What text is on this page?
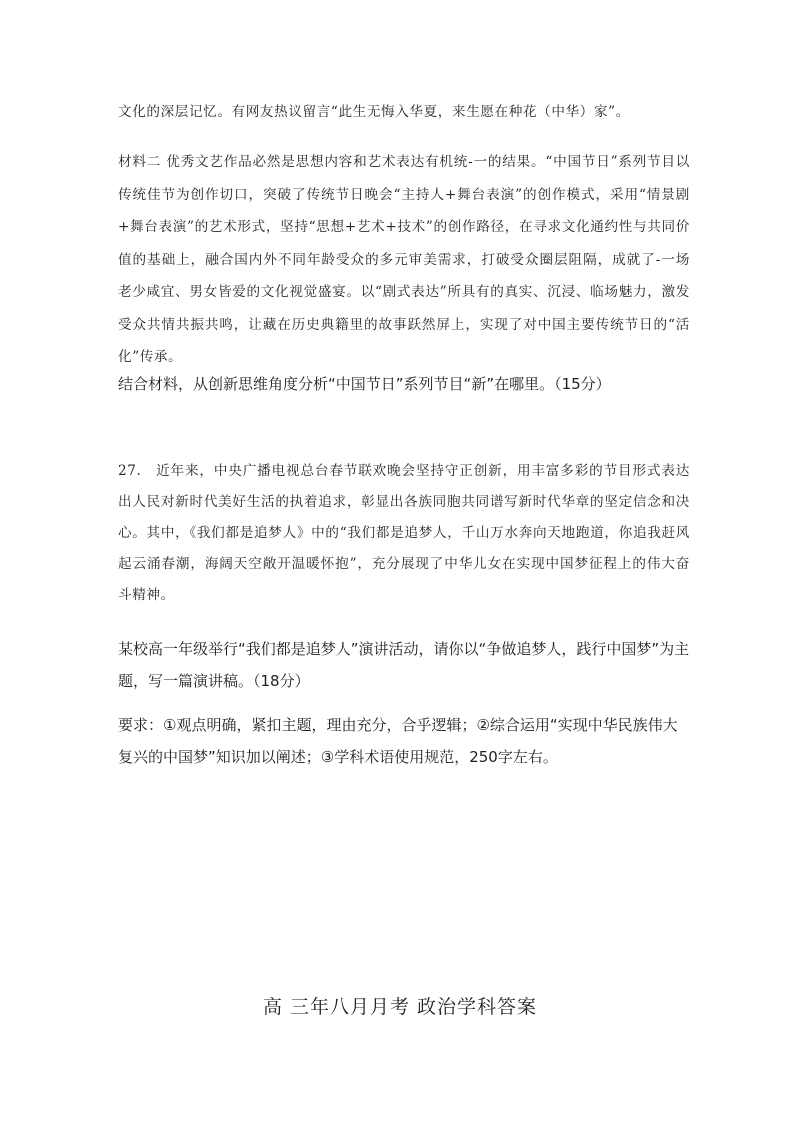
文化的深层记忆。有网友热议留言“此生无悔入华夏，来生愿在种花（中华）家”。

材料二 优秀文艺作品必然是思想内容和艺术表达有机统-一的结果。“中国节日”系列节目以传统佳节为创作切口，突破了传统节日晚会“主持人+舞台表演”的创作模式，采用“情景剧+舞台表演”的艺术形式，坚持“思想+艺术+技术”的创作路径，在寻求文化通约性与共同价值的基础上，融合国内外不同年龄受众的多元审美需求，打破受众圈层阻隔，成就了-一场老少咸宜、男女皆爱的文化视觉盛宴。以“剧式表达”所具有的真实、沉浸、临场魅力，激发受众共情共振共鸣，让藏在历史典籍里的故事跃然屏上，实现了对中国主要传统节日的“活化”传承。

结合材料，从创新思维角度分析“中国节日”系列节目“新”在哪里。（15分）

27.　近年来，中央广播电视总台春节联欢晚会坚持守正创新，用丰富多彩的节目形式表达出人民对新时代美好生活的执着追求，彰显出各族同胞共同谱写新时代华章的坚定信念和决心。其中，《我们都是追梦人》中的“我们都是追梦人，千山万水奔向天地跑道，你追我赶风起云涌春潮，海阔天空敞开温暖怀抱”，充分展现了中华儿女在实现中国梦征程上的伟大奋斗精神。

某校高一年级举行“我们都是追梦人”演讲活动，请你以“争做追梦人，践行中国梦”为主题，写一篇演讲稿。（18分）

要求：①观点明确，紧扣主题，理由充分，合乎逻辑；②综合运用“实现中华民族伟大复兴的中国梦”知识加以阐述；③学科术语使用规范，250字左右。

高 三年八月月考 政治学科答案
